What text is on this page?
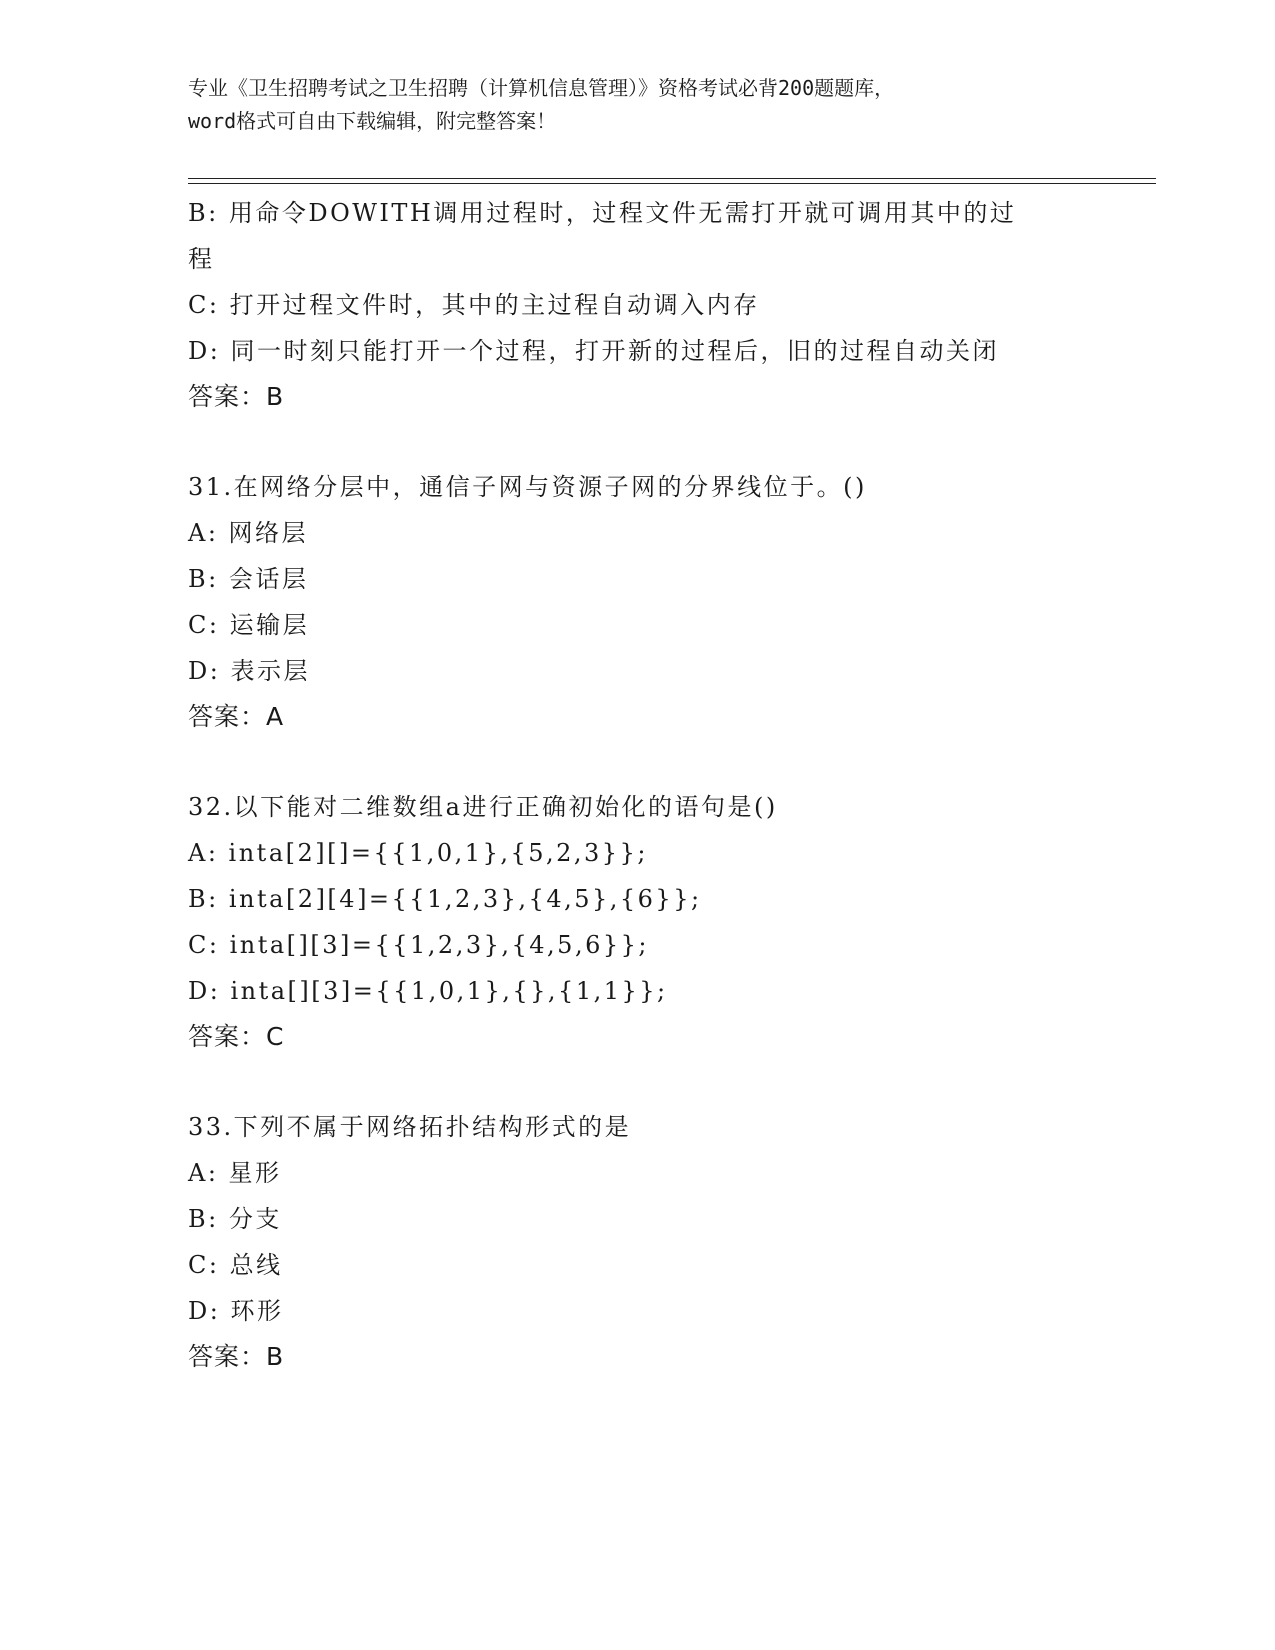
专业《卫生招聘考试之卫生招聘（计算机信息管理）》资格考试必背200题题库，
word格式可自由下载编辑，附完整答案！
B: 用命令DOWITH调用过程时，过程文件无需打开就可调用其中的过
程
C: 打开过程文件时，其中的主过程自动调入内存
D: 同一时刻只能打开一个过程，打开新的过程后，旧的过程自动关闭
答案：B
31.在网络分层中，通信子网与资源子网的分界线位于。()
A: 网络层
B: 会话层
C: 运输层
D: 表示层
答案：A
32.以下能对二维数组a进行正确初始化的语句是()
A: inta[2][]={{1,0,1},{5,2,3}};
B: inta[2][4]={{1,2,3},{4,5},{6}};
C: inta[][3]={{1,2,3},{4,5,6}};
D: inta[][3]={{1,0,1},{},{1,1}};
答案：C
33.下列不属于网络拓扑结构形式的是
A: 星形
B: 分支
C: 总线
D: 环形
答案：B
